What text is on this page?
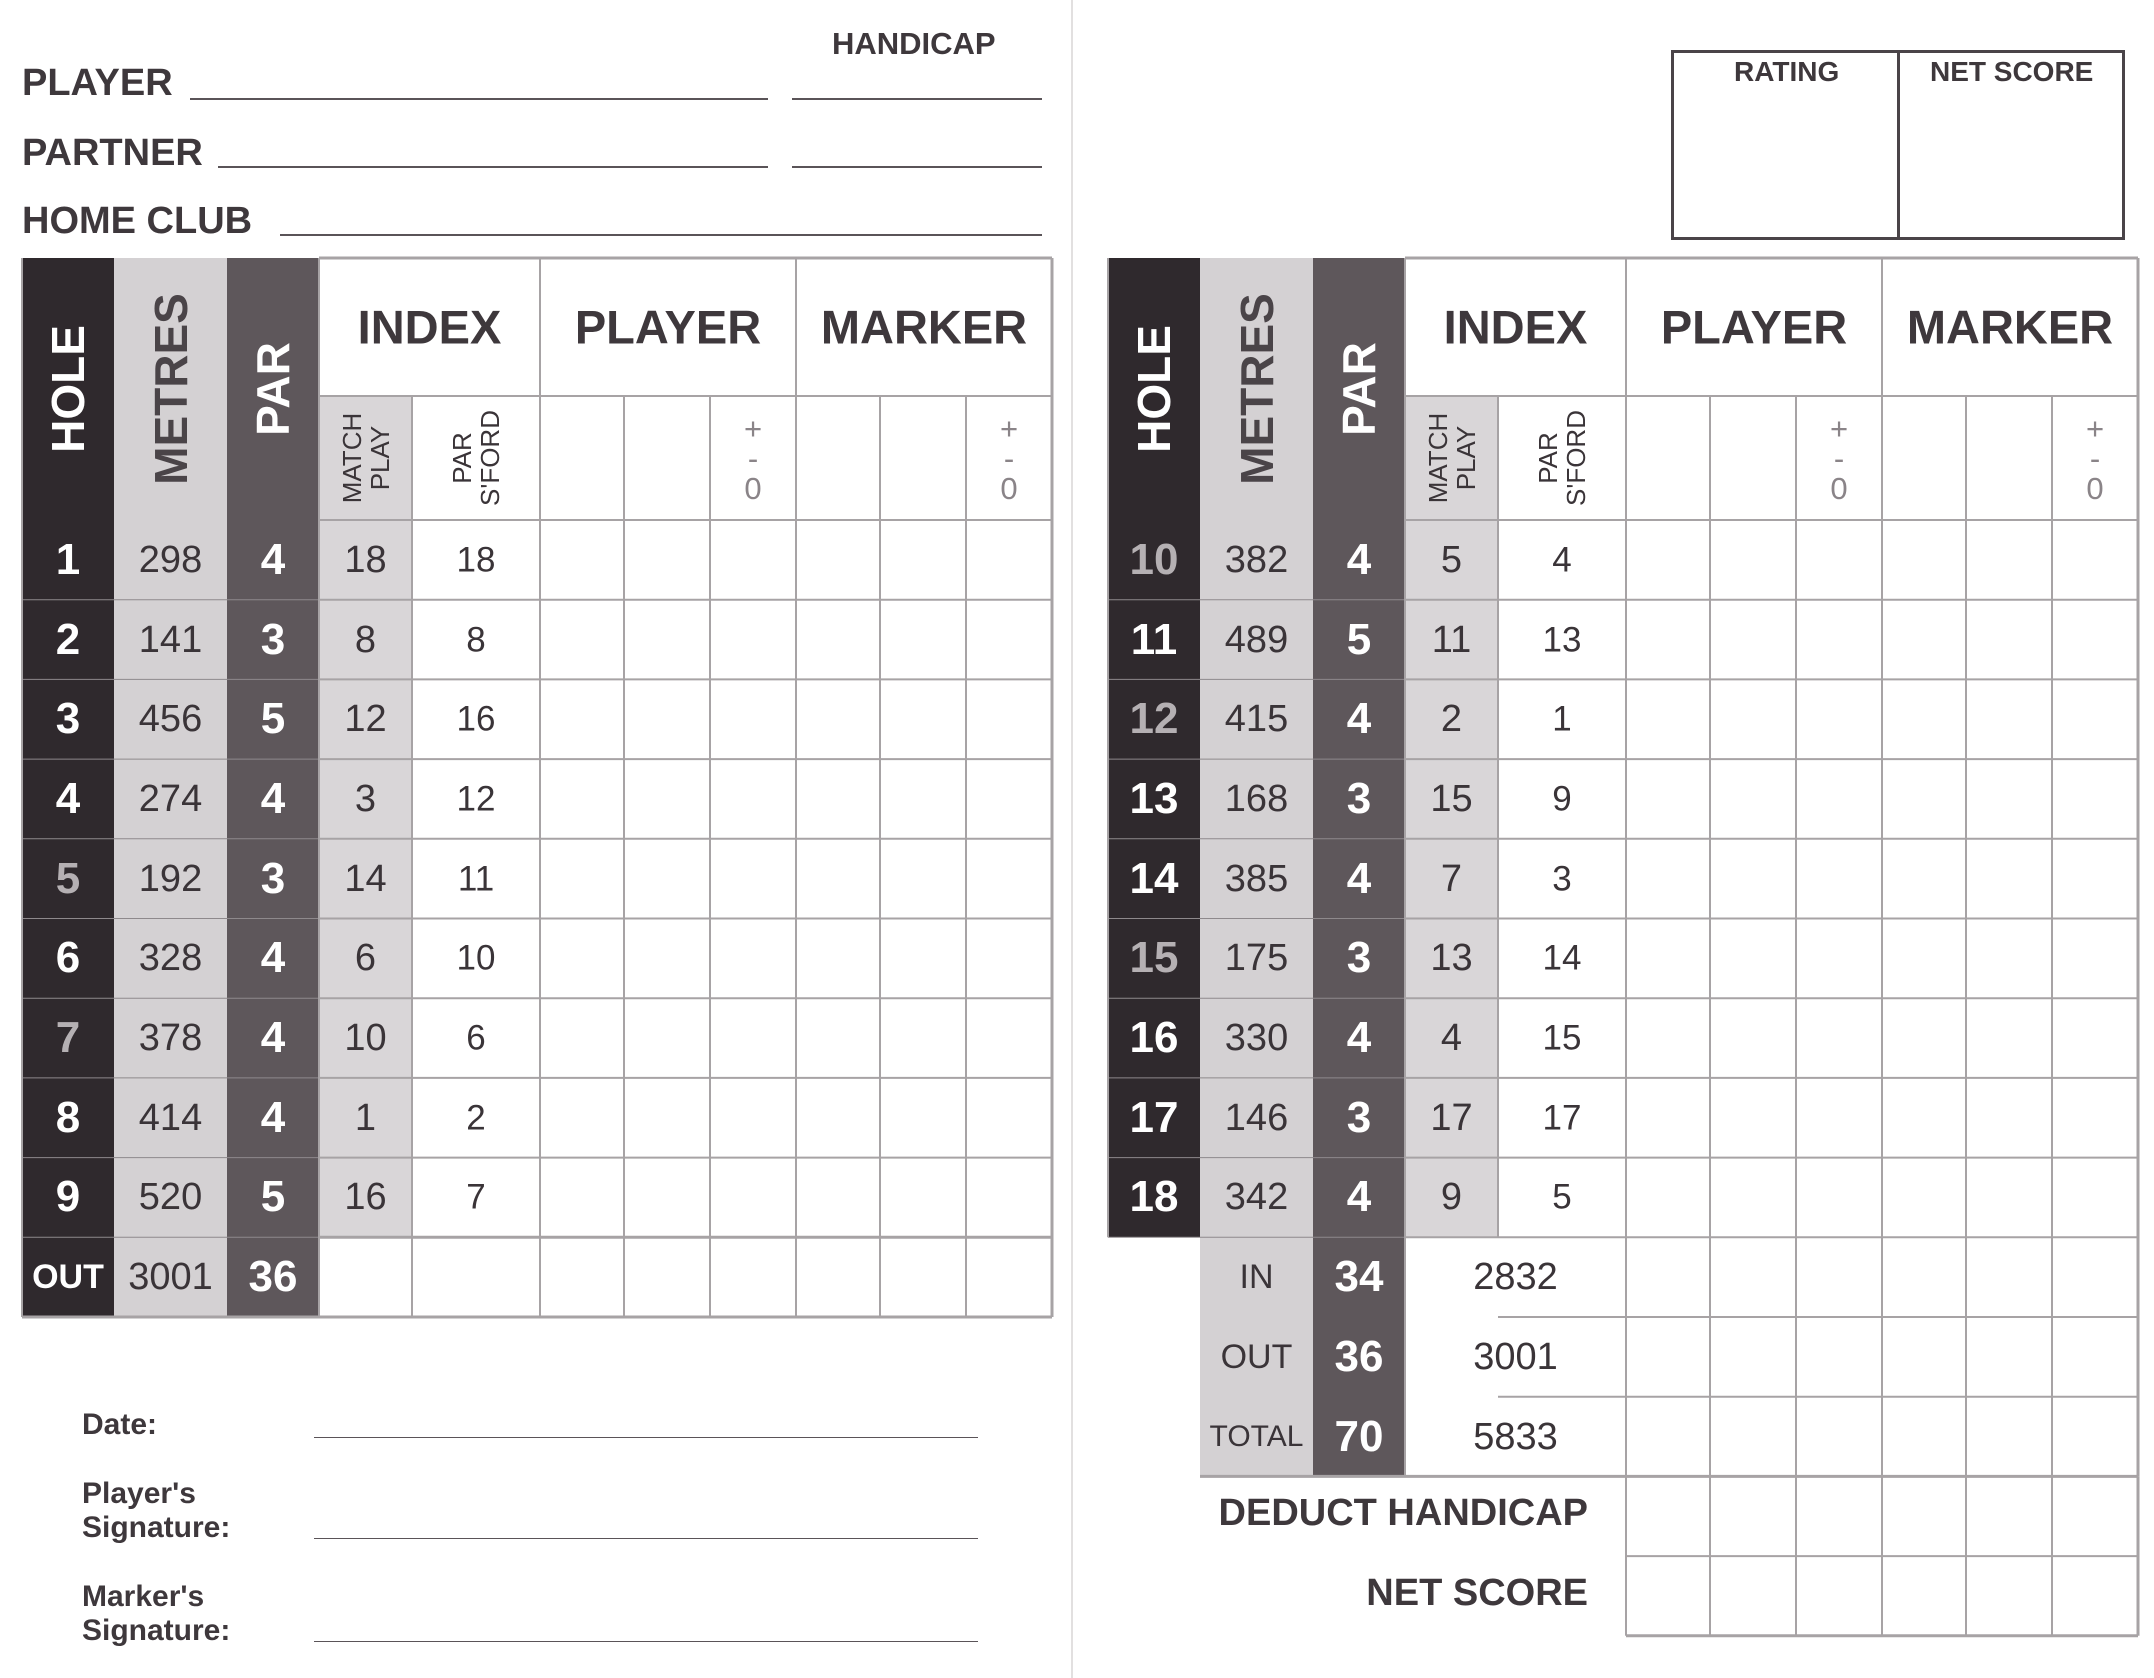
PLAYER
PARTNER
HOME CLUB
HANDICAP
RATING	NET SCORE
HOLE METRES PAR
INDEX PLAYER MARKER
MATCH
PLAY PAR
S'FORD	+
-
0
+
-
0
1 298 4 18 18
2 141 3 8	8
3 456 5 12 16
4 274 4 3 12
5 192 3 14 11
6 328 4 6 10
7 378 4 10 6
8 414 4 1	2
9 520 5 16 7
OUT 3001 36
HOLE METRES PAR
INDEX PLAYER MARKER
MATCH
PLAY PAR
S'FORD	+
-
0
+
-
0
10 382 4 5	4
11 489 5 11 13
12 415 4 2	1
13 168 3 15 9
14 385 4 7	3
15 175 3 13 14
16 330 4 4 15
17 146 3 17 17
18 342 4 9	5
IN 34 2832
OUT 36 3001
TOTAL 70 5833
Date:
Player's
Signature:
Marker's
Signature:
DEDUCT HANDICAP
NET SCORE
